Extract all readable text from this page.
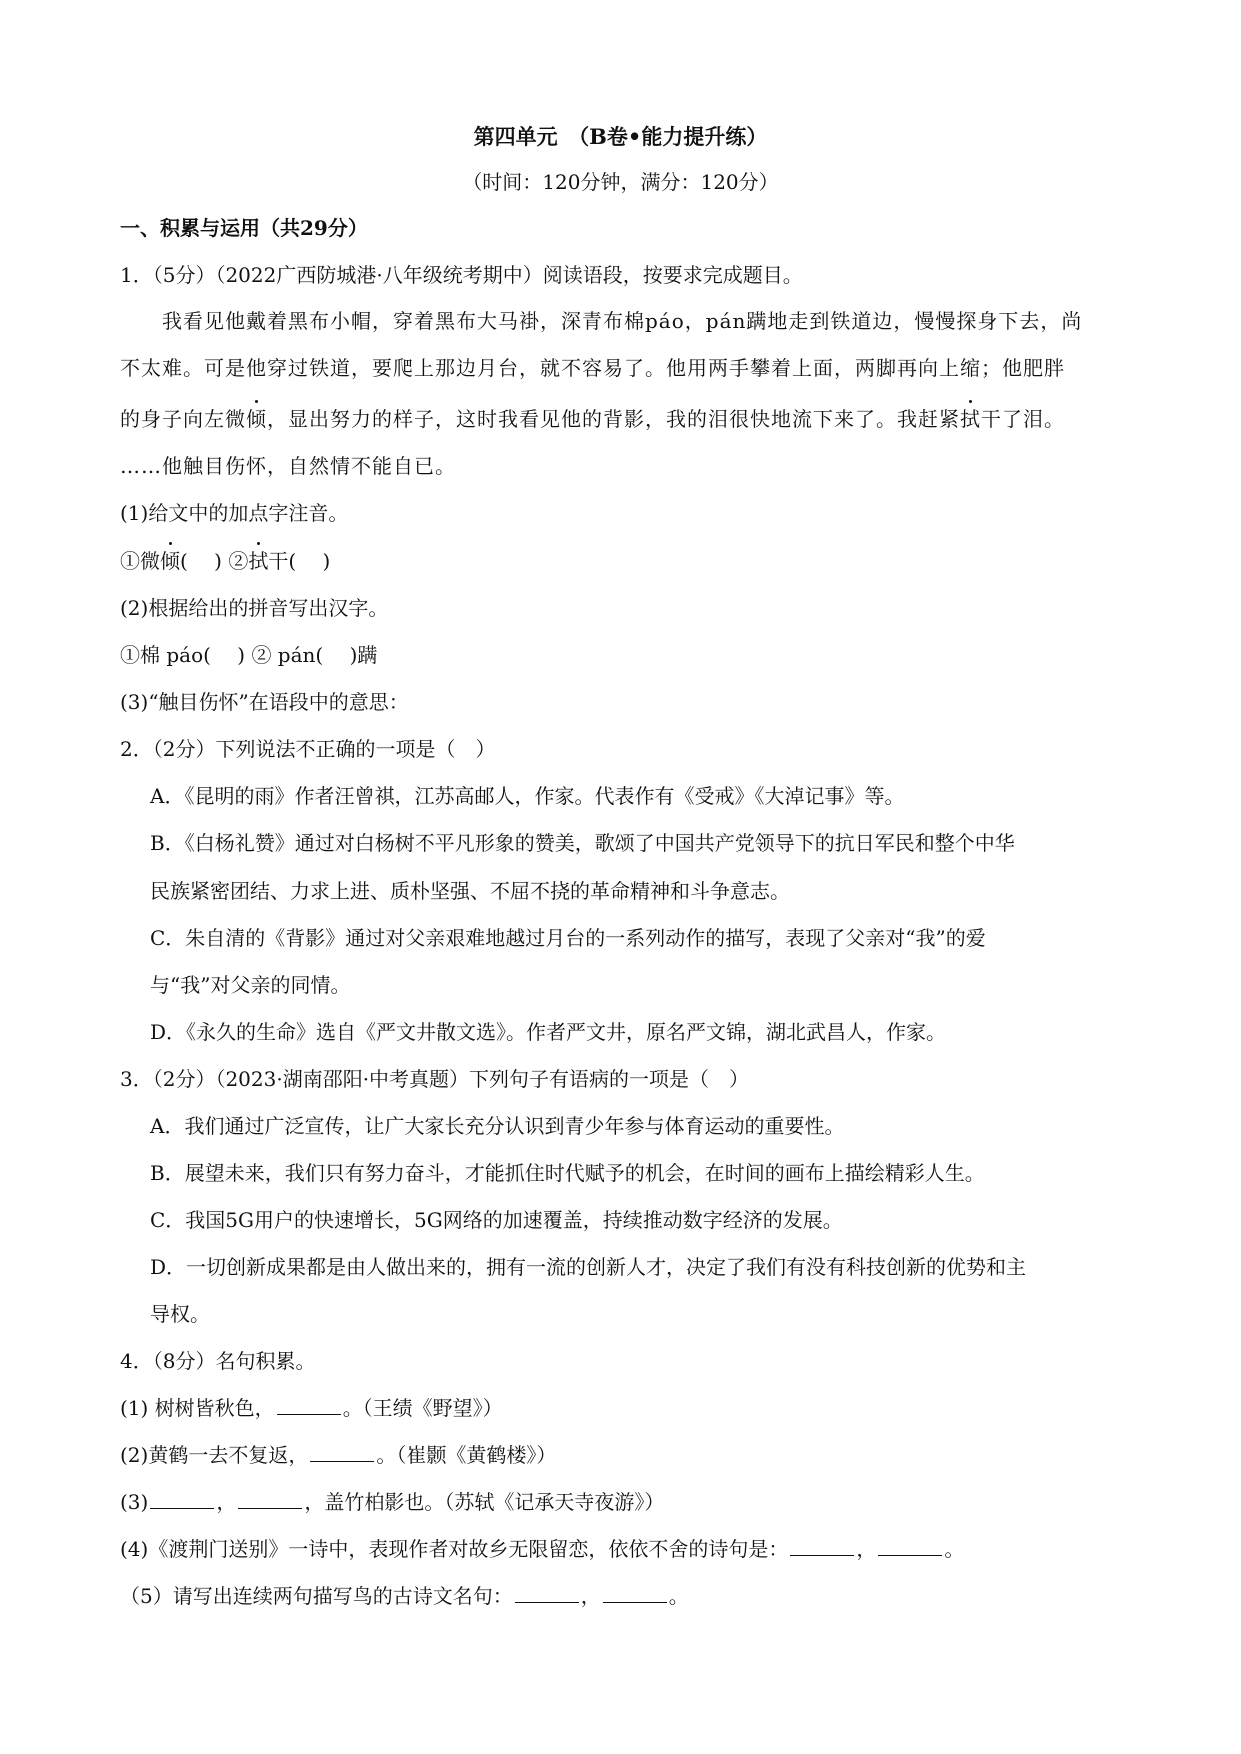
第四单元　（B卷•能力提升练）
（时间：120分钟，满分：120分）
一、积累与运用（共29分）
1．（5分）（2022广西防城港·八年级统考期中）阅读语段，按要求完成题目。
我看见他戴着黑布小帽，穿着黑布大马褂，深青布棉páo，pán蹒地走到铁道边，慢慢探身下去，尚
不太难。可是他穿过铁道，要爬上那边月台，就不容易了。他用两手攀着上面，两脚再向上缩；他肥胖
的身子向左微倾，显出努力的样子，这时我看见他的背影，我的泪很快地流下来了。我赶紧拭干了泪。
……他触目伤怀，自然情不能自已。
(1)给文中的加点字注音。
①微倾(　 ) ②拭干(　 )
(2)根据给出的拼音写出汉字。
①棉 páo(　 ) ② pán(　 )蹒
(3)“触目伤怀”在语段中的意思：
2．（2分）下列说法不正确的一项是（　）
A．《昆明的雨》作者汪曾祺，江苏高邮人，作家。代表作有《受戒》《大淖记事》等。
B．《白杨礼赞》通过对白杨树不平凡形象的赞美，歌颂了中国共产党领导下的抗日军民和整个中华
民族紧密团结、力求上进、质朴坚强、不屈不挠的革命精神和斗争意志。
C．朱自清的《背影》通过对父亲艰难地越过月台的一系列动作的描写，表现了父亲对“我”的爱
与“我”对父亲的同情。
D．《永久的生命》选自《严文井散文选》。作者严文井，原名严文锦，湖北武昌人，作家。
3．（2分）（2023·湖南邵阳·中考真题）下列句子有语病的一项是（　）
A．我们通过广泛宣传，让广大家长充分认识到青少年参与体育运动的重要性。
B．展望未来，我们只有努力奋斗，才能抓住时代赋予的机会，在时间的画布上描绘精彩人生。
C．我国5G用户的快速增长，5G网络的加速覆盖，持续推动数字经济的发展。
D．一切创新成果都是由人做出来的，拥有一流的创新人才，决定了我们有没有科技创新的优势和主
导权。
4．（8分）名句积累。
(1) 树树皆秋色，	。（王绩《野望》）
(2)黄鹤一去不复返，	。（崔颢《黄鹤楼》）
(3)	，	，盖竹柏影也。（苏轼《记承天寺夜游》）
(4)《渡荆门送别》一诗中，表现作者对故乡无限留恋，依依不舍的诗句是：	，	。
（5）请写出连续两句描写鸟的古诗文名句：	，	。
